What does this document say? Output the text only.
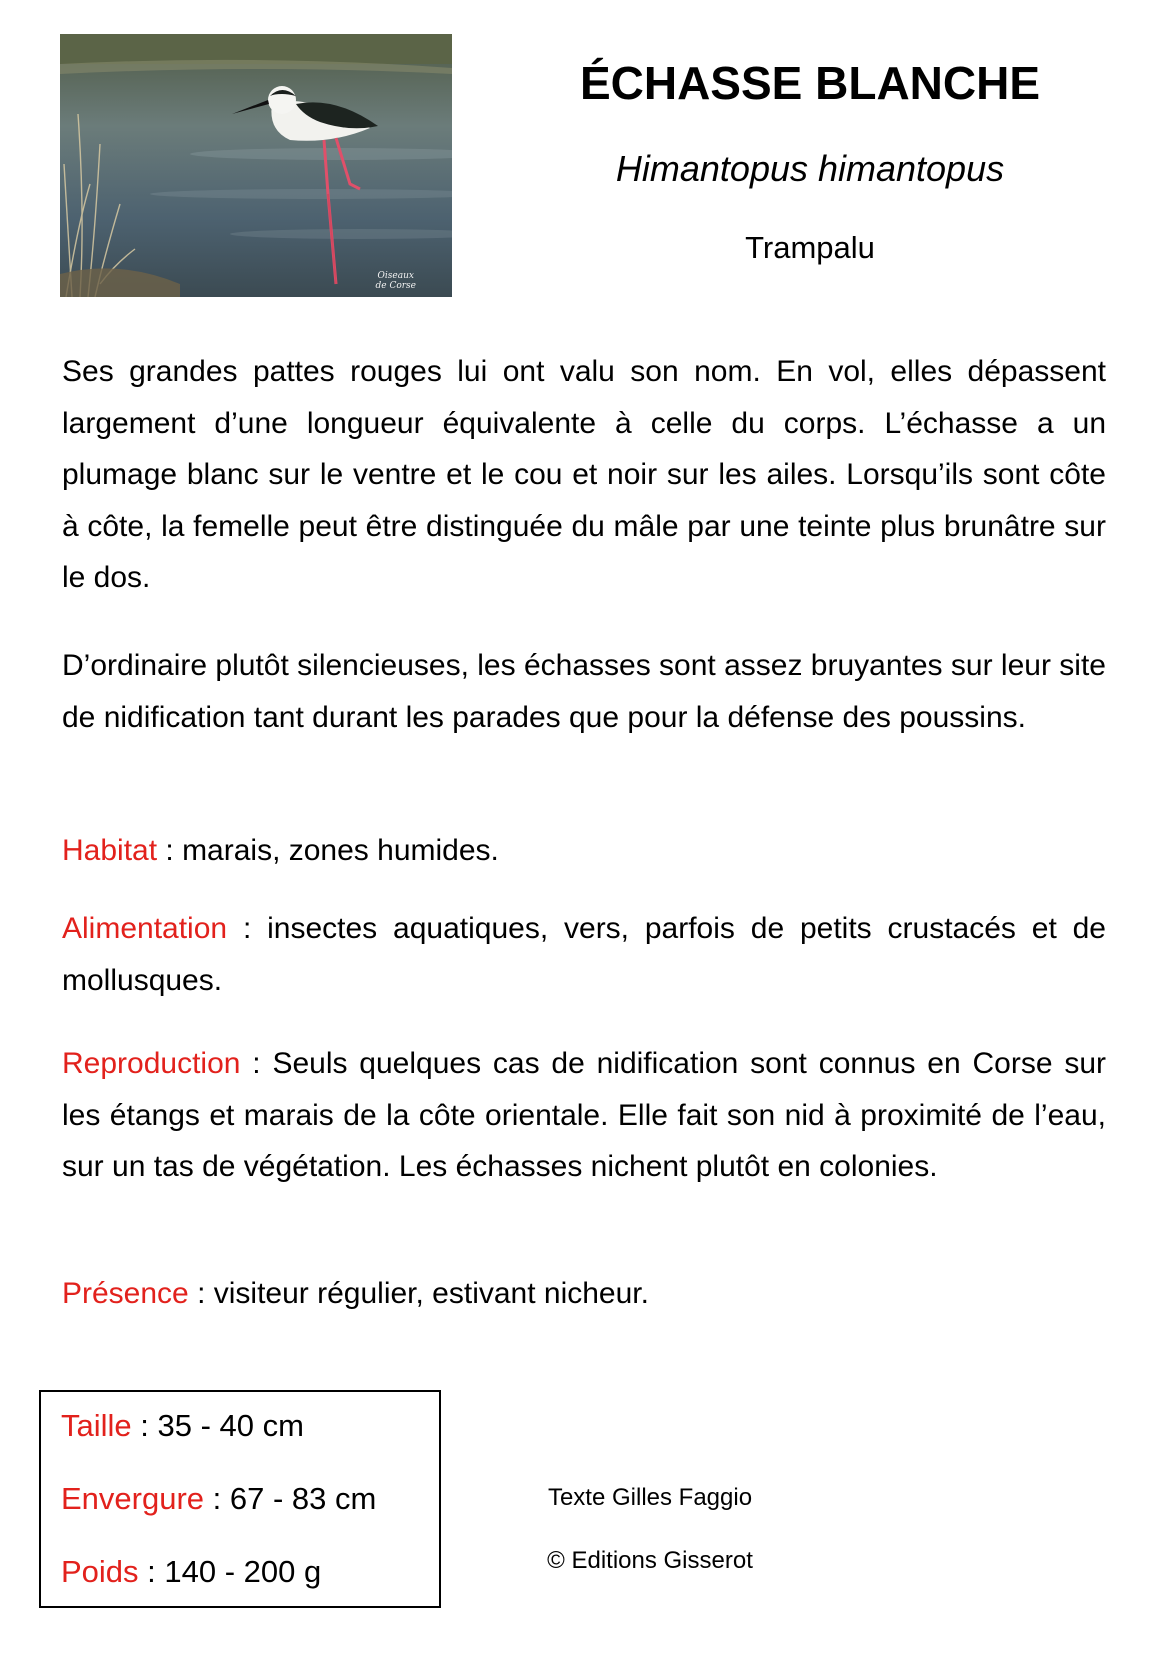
Oiseaux
de Corse
ÉCHASSE BLANCHE
Himantopus himantopus
Trampalu
Ses grandes pattes rouges lui ont valu son nom. En vol, elles dépassent largement d’une longueur équivalente à celle du corps. L’échasse a un plumage blanc sur le ventre et le cou et noir sur les ailes. Lorsqu’ils sont côte à côte, la femelle peut être distinguée du mâle par une teinte plus brunâtre sur le dos.
D’ordinaire plutôt silencieuses, les échasses sont assez bruyantes sur leur site de nidification tant durant les parades que pour la défense des poussins.
Habitat : marais, zones humides.
Alimentation : insectes aquatiques, vers, parfois de petits crustacés et de mollusques.
Reproduction : Seuls quelques cas de nidification sont connus en Corse sur les étangs et marais de la côte orientale. Elle fait son nid à proximité de l’eau, sur un tas de végétation. Les échasses nichent plutôt en colonies.
Présence : visiteur régulier, estivant nicheur.
Taille : 35 - 40 cm
Envergure : 67 - 83 cm
Poids : 140 - 200 g
Texte Gilles Faggio
© Editions Gisserot
